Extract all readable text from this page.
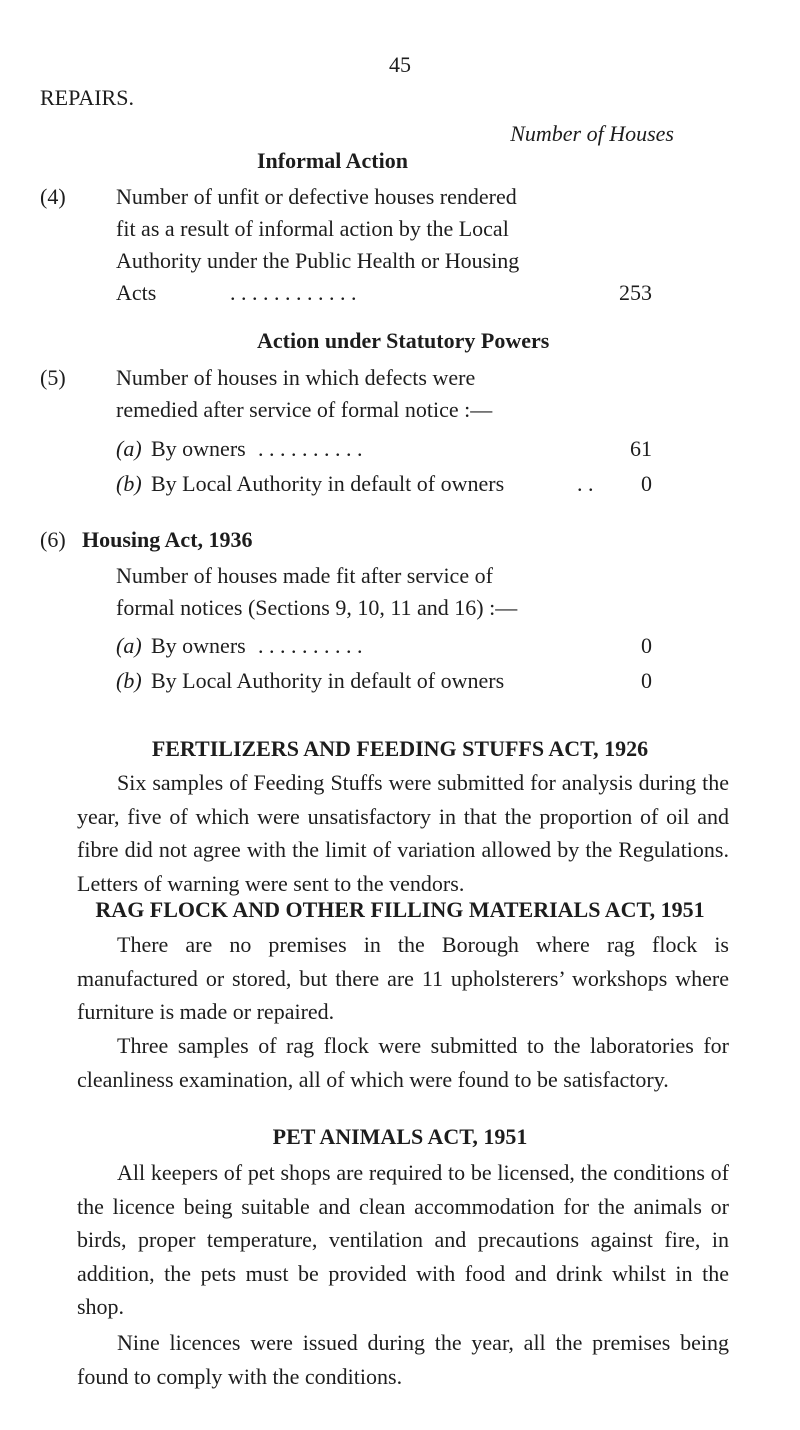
45
REPAIRS.
Number of Houses
Informal Action
(4) Number of unfit or defective houses rendered
fit as a result of informal action by the Local
Authority under the Public Health or Housing
Acts	. . . . . . . . . . . .	253
Action under Statutory Powers
(5) Number of houses in which defects were
remedied after service of formal notice :—
(a) By owners . . . . . . . . . .	61
(b) By Local Authority in default of owners	. .	0
(6) Housing Act, 1936
Number of houses made fit after service of
formal notices (Sections 9, 10, 11 and 16) :—
(a) By owners . . . . . . . . . .	0
(b) By Local Authority in default of owners	0
FERTILIZERS AND FEEDING STUFFS ACT, 1926

Six samples of Feeding Stuffs were submitted for analysis during the year, five of which were unsatisfactory in that the proportion of oil and fibre did not agree with the limit of variation allowed by the Regulations. Letters of warning were sent to the vendors.

RAG FLOCK AND OTHER FILLING MATERIALS ACT, 1951

There are no premises in the Borough where rag flock is manufactured or stored, but there are 11 upholsterers’ workshops where furniture is made or repaired.

Three samples of rag flock were submitted to the laboratories for cleanliness examination, all of which were found to be satisfactory.

PET ANIMALS ACT, 1951

All keepers of pet shops are required to be licensed, the conditions of the licence being suitable and clean accommodation for the animals or birds, proper temperature, ventilation and precautions against fire, in addition, the pets must be provided with food and drink whilst in the shop.

Nine licences were issued during the year, all the premises being found to comply with the conditions.
